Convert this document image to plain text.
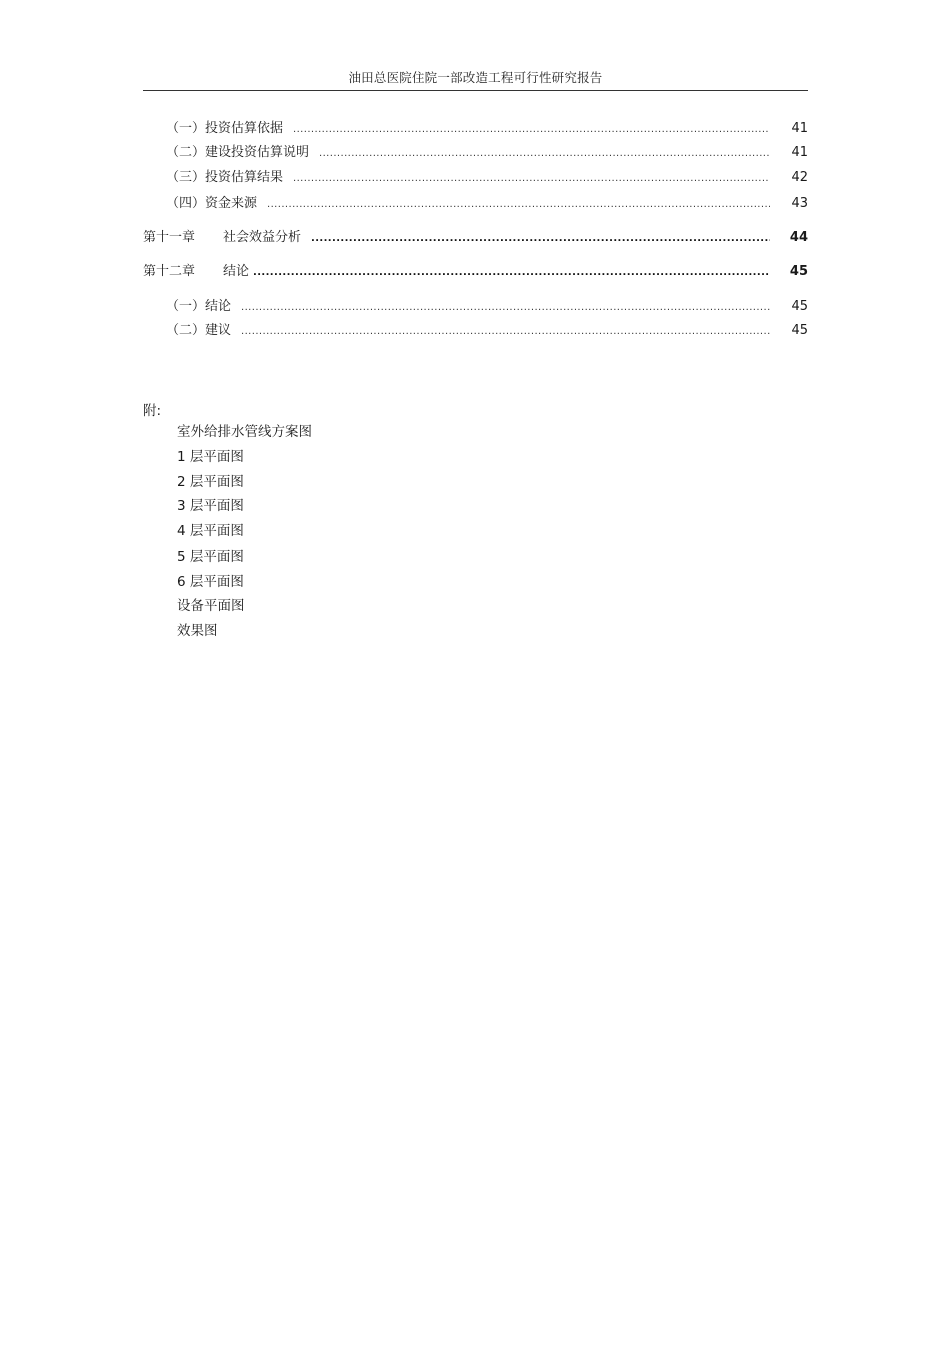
油田总医院住院一部改造工程可行性研究报告
（一）投资估算依据 .....	41
（二）建设投资估算说明 .....	41
（三）投资估算结果 .....	42
（四）资金来源 .....	43
第十一章 社会效益分析 .....	44
第十二章 结论 .....	45
（一）结论 .....	45
（二）建议 .....	45
附:
室外给排水管线方案图
1 层平面图
2 层平面图
3 层平面图
4 层平面图
5 层平面图
6 层平面图
设备平面图
效果图
